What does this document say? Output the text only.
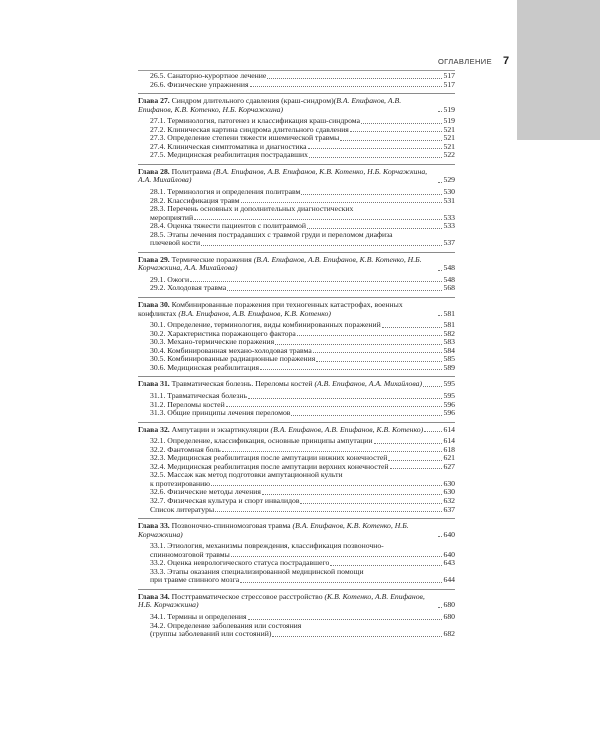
ОГЛАВЛЕНИЕ 7
26.5. Санаторно-курортное лечение	517
26.6. Физические упражнения	517
Глава 27. Синдром длительного сдавления (краш-синдром)(В.А. Епифанов, А.В. Епифанов, К.В. Котенко, Н.Б. Корчажкина)	519
27.1. Терминология, патогенез и классификация краш-синдрома	519
27.2. Клиническая картина синдрома длительного сдавления	521
27.3. Определение степени тяжести ишемической травмы	521
27.4. Клиническая симптоматика и диагностика	521
27.5. Медицинская реабилитация пострадавших	522
Глава 28. Политравма (В.А. Епифанов, А.В. Епифанов, К.В. Котенко, Н.Б. Корчажкина, А.А. Михайлова)	529
28.1. Терминология и определения политравм	530
28.2. Классификация травм	531
28.3. Перечень основных и дополнительных диагностических
мероприятий	533
28.4. Оценка тяжести пациентов с политравмой	533
28.5. Этапы лечения пострадавших с травмой груди и переломом диафиза
плечевой кости	537
Глава 29. Термические поражения (В.А. Епифанов, А.В. Епифанов, К.В. Котенко, Н.Б. Корчажкина, А.А. Михайлова)	548
29.1. Ожоги	548
29.2. Холодовая травма	568
Глава 30. Комбинированные поражения при техногенных катастрофах, военных конфликтах (В.А. Епифанов, А.В. Епифанов, К.В. Котенко)	581
30.1. Определение, терминология, виды комбинированных поражений	581
30.2. Характеристика поражающего фактора	582
30.3. Механо-термические поражения	583
30.4. Комбинированная механо-холодовая травма	584
30.5. Комбинированные радиационные поражения	585
30.6. Медицинская реабилитация	589
Глава 31. Травматическая болезнь. Переломы костей (А.В. Епифанов, А.А. Михайлова)	595
31.1. Травматическая болезнь	595
31.2. Переломы костей	596
31.3. Общие принципы лечения переломов	596
Глава 32. Ампутации и экзартикуляции (В.А. Епифанов, А.В. Епифанов, К.В. Котенко)	614
32.1. Определение, классификация, основные принципы ампутации	614
32.2. Фантомная боль	618
32.3. Медицинская реабилитация после ампутации нижних конечностей	621
32.4. Медицинская реабилитация после ампутации верхних конечностей	627
32.5. Массаж как метод подготовки ампутационной культи
к протезированию	630
32.6. Физические методы лечения	630
32.7. Физическая культура и спорт инвалидов	632
Список литературы	637
Глава 33. Позвоночно-спинномозговая травма (В.А. Епифанов, К.В. Котенко, Н.Б. Корчажкина)	640
33.1. Этиология, механизмы повреждения, классификация позвоночно-
спинномозговой травмы	640
33.2. Оценка неврологического статуса пострадавшего	643
33.3. Этапы оказания специализированной медицинской помощи
при травме спинного мозга	644
Глава 34. Посттравматическое стрессовое расстройство (К.В. Котенко, А.В. Епифанов, Н.Б. Корчажкина)	680
34.1. Термины и определения	680
34.2. Определение заболевания или состояния
(группы заболеваний или состояний)	682
